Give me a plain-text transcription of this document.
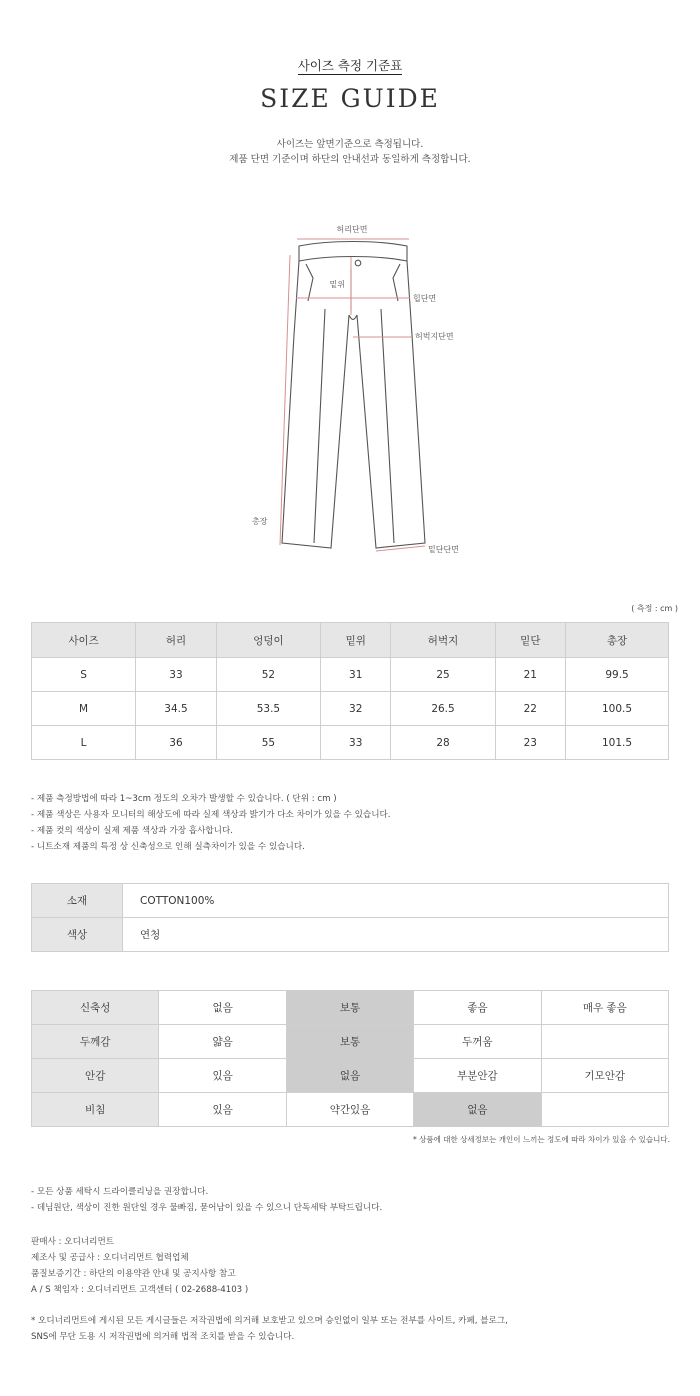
사이즈 측정 기준표
SIZE GUIDE
사이즈는 앞면기준으로 측정됩니다.
제품 단면 기준이며 하단의 안내선과 동일하게 측정합니다.
허리단면
밑위
힙단면
허벅지단면
총장
밑단단면
( 측정 : cm )
사이즈	허리	엉덩이	밑위	허벅지	밑단	총장
S	33	52	31	25	21	99.5
M	34.5	53.5	32	26.5	22	100.5
L	36	55	33	28	23	101.5
- 제품 측정방법에 따라 1~3cm 정도의 오차가 발생할 수 있습니다. ( 단위 : cm )
- 제품 색상은 사용자 모니터의 해상도에 따라 실제 색상과 밝기가 다소 차이가 있을 수 있습니다.
- 제품 컷의 색상이 실제 제품 색상과 가장 흡사합니다.
- 니트소재 제품의 특정 상 신축성으로 인해 실측차이가 있을 수 있습니다.
소재	COTTON100%
색상	연청
신축성	없음	보통	좋음	매우 좋음
두께감	얇음	보통	두꺼움	
안감	있음	없음	부분안감	기모안감
비침	있음	약간있음	없음	
* 상품에 대한 상세정보는 개인이 느끼는 정도에 따라 차이가 있을 수 있습니다.
- 모든 상품 세탁시 드라이클리닝을 권장합니다.
- 데님원단, 색상이 진한 원단일 경우 물빠짐, 묻어남이 있을 수 있으니 단독세탁 부탁드립니다.
판매사 : 오디너리먼트
제조사 및 공급사 : 오디너리먼트 협력업체
품질보증기간 : 하단의 이용약관 안내 및 공지사항 참고
A / S 책임자 : 오디너리먼트 고객센터 ( 02-2688-4103 )
* 오디너리먼트에 게시된 모든 게시글들은 저작권법에 의거해 보호받고 있으며 승인없이 일부 또는 전부를 사이트, 카페, 블로그,
SNS에 무단 도용 시 저작권법에 의거해 법적 조치를 받을 수 있습니다.
